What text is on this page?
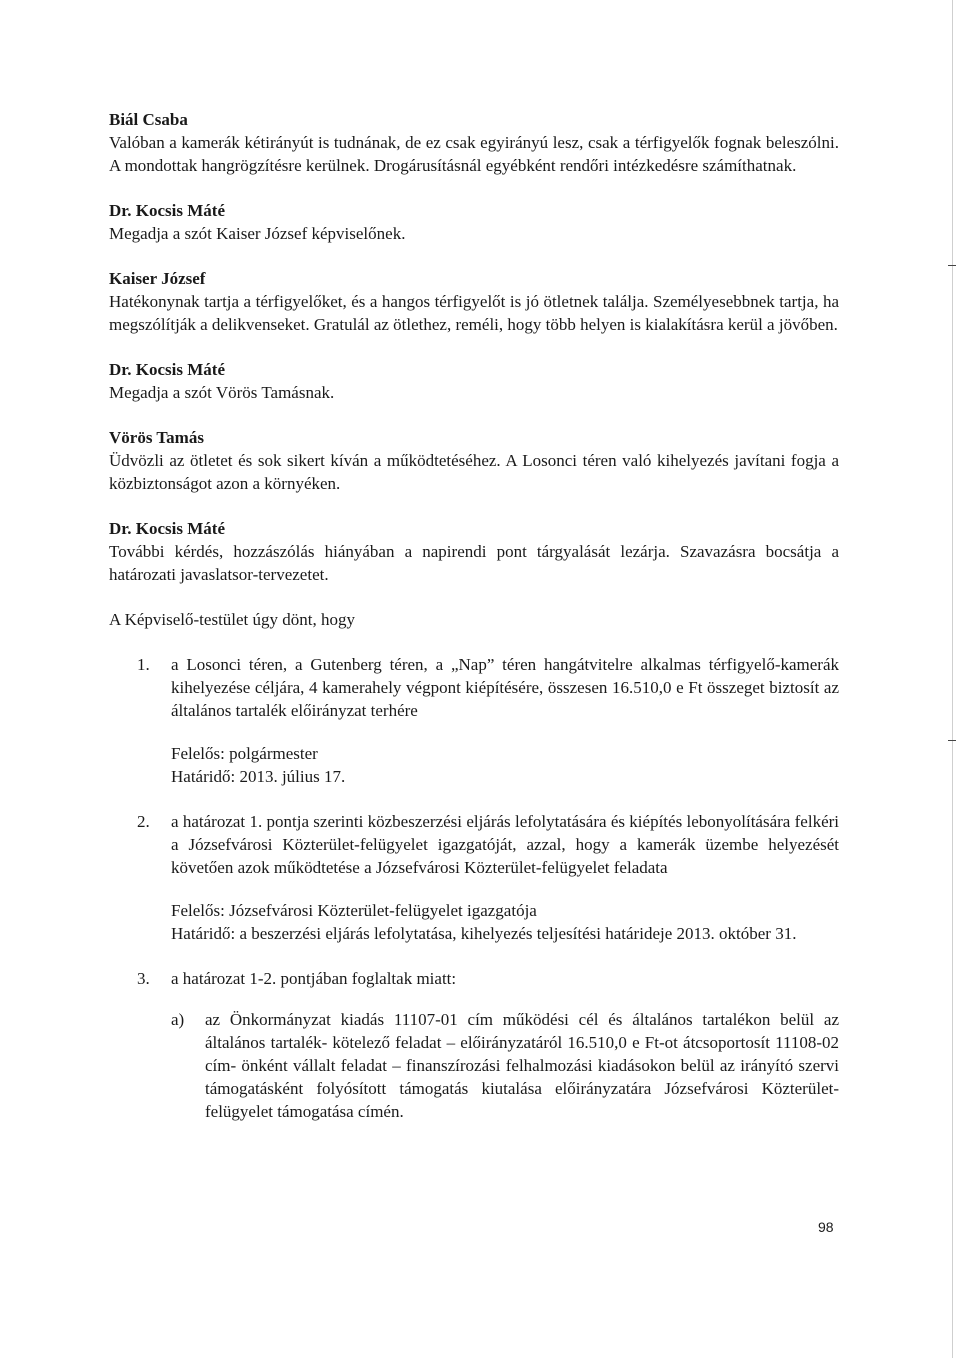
Biál Csaba

Valóban a kamerák kétirányút is tudnának, de ez csak egyirányú lesz, csak a térfigyelők fognak beleszólni. A mondottak hangrögzítésre kerülnek. Drogárusításnál egyébként rendőri intézkedésre számíthatnak.

Dr. Kocsis Máté

Megadja a szót Kaiser József képviselőnek.

Kaiser József

Hatékonynak tartja a térfigyelőket, és a hangos térfigyelőt is jó ötletnek találja. Személyesebbnek tartja, ha megszólítják a delikvenseket. Gratulál az ötlethez, reméli, hogy több helyen is kialakításra kerül a jövőben.

Dr. Kocsis Máté

Megadja a szót Vörös Tamásnak.

Vörös Tamás

Üdvözli az ötletet és sok sikert kíván a működtetéséhez. A Losonci téren való kihelyezés javítani fogja a közbiztonságot azon a környéken.

Dr. Kocsis Máté

További kérdés, hozzászólás hiányában a napirendi pont tárgyalását lezárja. Szavazásra bocsátja a határozati javaslatsor-tervezetet.

A Képviselő-testület úgy dönt, hogy

1.	a Losonci téren, a Gutenberg téren, a „Nap” téren hangátvitelre alkalmas térfigyelő-kamerák kihelyezése céljára, 4 kamerahely végpont kiépítésére, összesen 16.510,0 e Ft összeget biztosít az általános tartalék előirányzat terhére

Felelős: polgármester

Határidő: 2013. július 17.

2.	a határozat 1. pontja szerinti közbeszerzési eljárás lefolytatására és kiépítés lebonyolítására felkéri a Józsefvárosi Közterület-felügyelet igazgatóját, azzal, hogy a kamerák üzembe helyezését követően azok működtetése a Józsefvárosi Közterület-felügyelet feladata

Felelős: Józsefvárosi Közterület-felügyelet igazgatója

Határidő: a beszerzési eljárás lefolytatása, kihelyezés teljesítési határideje 2013. október 31.

3.	a határozat 1-2. pontjában foglaltak miatt:
a)	az Önkormányzat kiadás 11107-01 cím működési cél és általános tartalékon belül az általános tartalék- kötelező feladat – előirányzatáról 16.510,0 e Ft-ot átcsoportosít 11108-02 cím- önként vállalt feladat – finanszírozási felhalmozási kiadásokon belül az irányító szervi támogatásként folyósított támogatás kiutalása előirányzatára Józsefvárosi Közterület-felügyelet támogatása címén.
98
